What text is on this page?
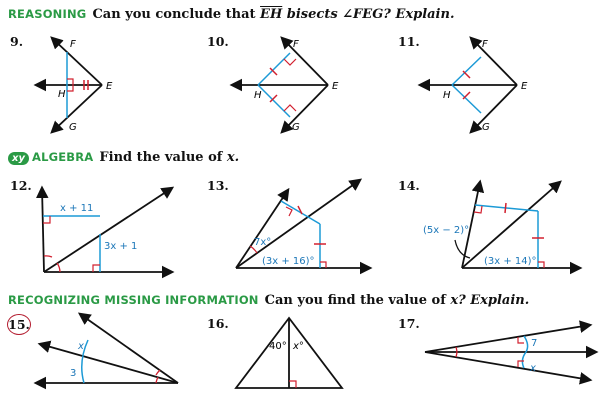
REASONING Can you conclude that $\overline{EH}$ bisects ∠FEG? Explain.
xy ALGEBRA Find the value of x.
RECOGNIZING MISSING INFORMATION Can you find the value of x? Explain.
9.	10.	11.
12.	13.	14.
15.	16.	17.
F
E
G
H
F
E
G
H
F
E
G
H
x + 11
3x + 1	7x°
(3x + 16)°
(5x − 2)°
(3x + 14)°
x
3
40° x°	7
x
